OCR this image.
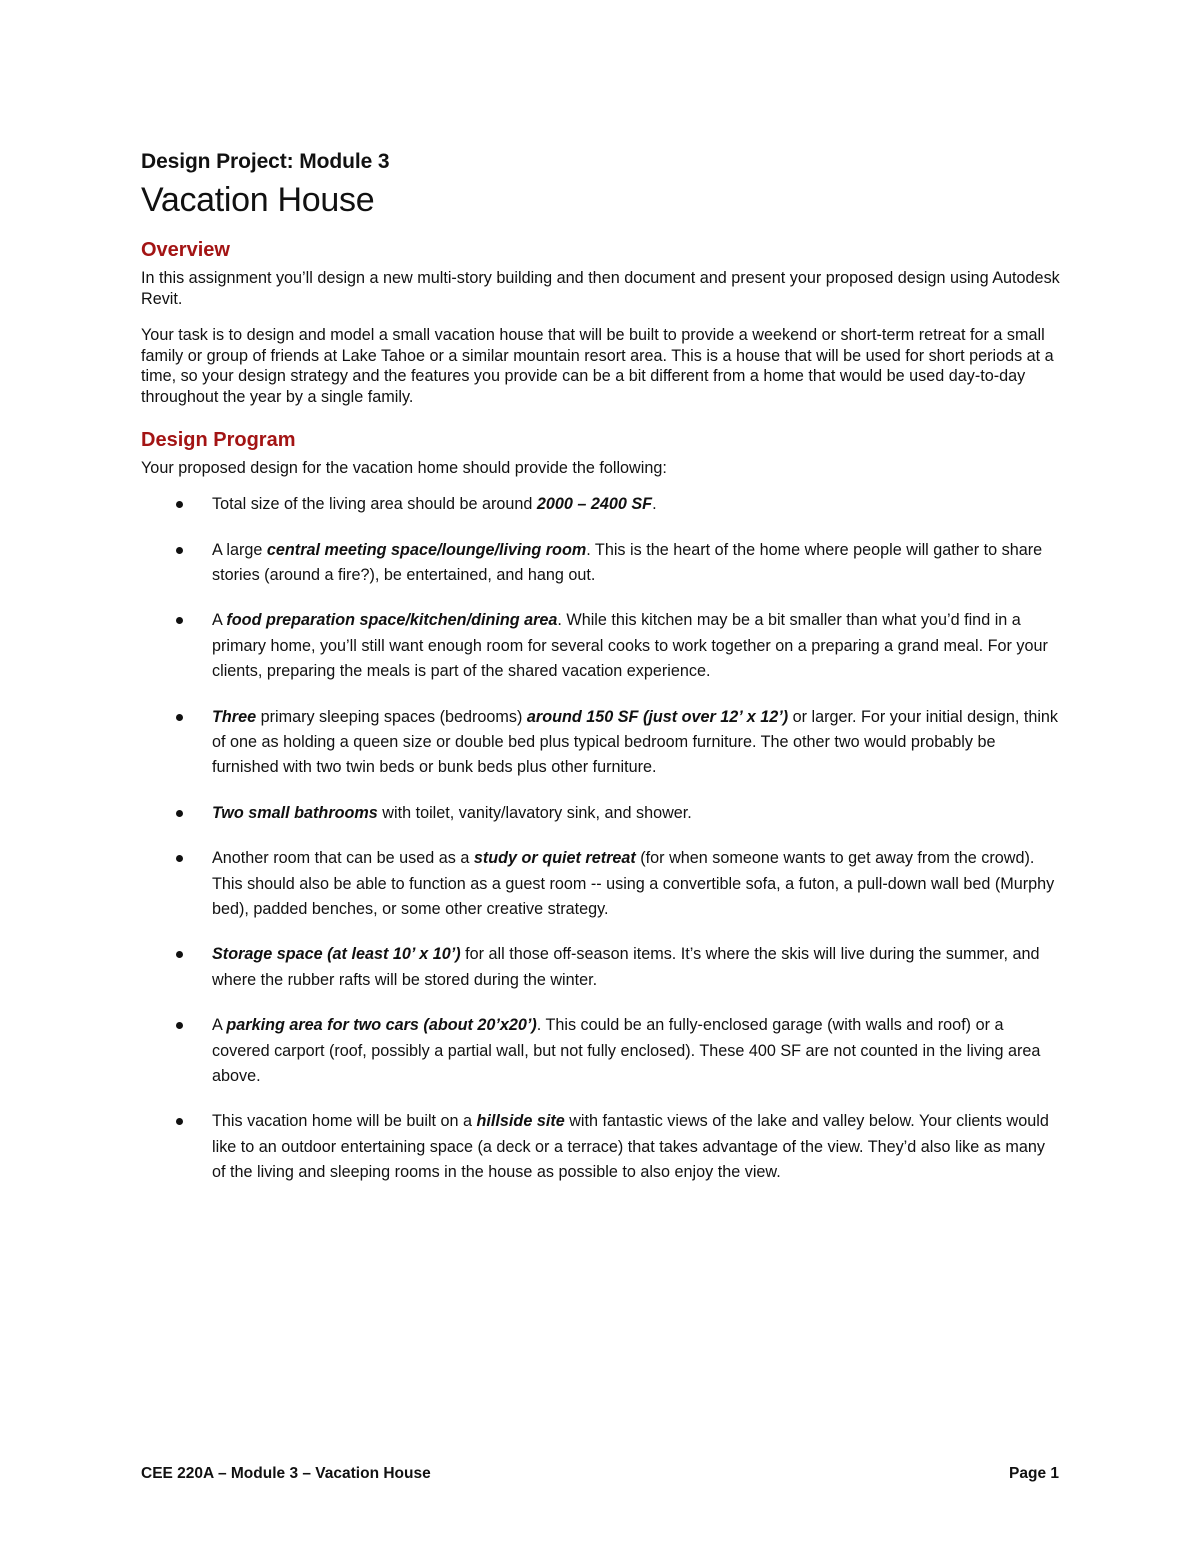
Design Project: Module 3

Vacation House
Overview

In this assignment you’ll design a new multi-story building and then document and present your proposed design using Autodesk Revit.

Your task is to design and model a small vacation house that will be built to provide a weekend or short-term retreat for a small family or group of friends at Lake Tahoe or a similar mountain resort area. This is a house that will be used for short periods at a time, so your design strategy and the features you provide can be a bit different from a home that would be used day-to-day throughout the year by a single family.

Design Program

Your proposed design for the vacation home should provide the following:

Total size of the living area should be around 2000 – 2400 SF.
A large central meeting space/lounge/living room. This is the heart of the home where people will gather to share stories (around a fire?), be entertained, and hang out.
A food preparation space/kitchen/dining area. While this kitchen may be a bit smaller than what you’d find in a primary home, you’ll still want enough room for several cooks to work together on a preparing a grand meal. For your clients, preparing the meals is part of the shared vacation experience.
Three primary sleeping spaces (bedrooms) around 150 SF (just over 12’ x 12’) or larger. For your initial design, think of one as holding a queen size or double bed plus typical bedroom furniture. The other two would probably be furnished with two twin beds or bunk beds plus other furniture.
Two small bathrooms with toilet, vanity/lavatory sink, and shower.
Another room that can be used as a study or quiet retreat (for when someone wants to get away from the crowd). This should also be able to function as a guest room -- using a convertible sofa, a futon, a pull-down wall bed (Murphy bed), padded benches, or some other creative strategy.
Storage space (at least 10’ x 10’) for all those off-season items. It’s where the skis will live during the summer, and where the rubber rafts will be stored during the winter.
A parking area for two cars (about 20’x20’). This could be an fully-enclosed garage (with walls and roof) or a covered carport (roof, possibly a partial wall, but not fully enclosed). These 400 SF are not counted in the living area above.
This vacation home will be built on a hillside site with fantastic views of the lake and valley below. Your clients would like to an outdoor entertaining space (a deck or a terrace) that takes advantage of the view. They’d also like as many of the living and sleeping rooms in the house as possible to also enjoy the view.
CEE 220A – Module 3 – Vacation House	Page 1
